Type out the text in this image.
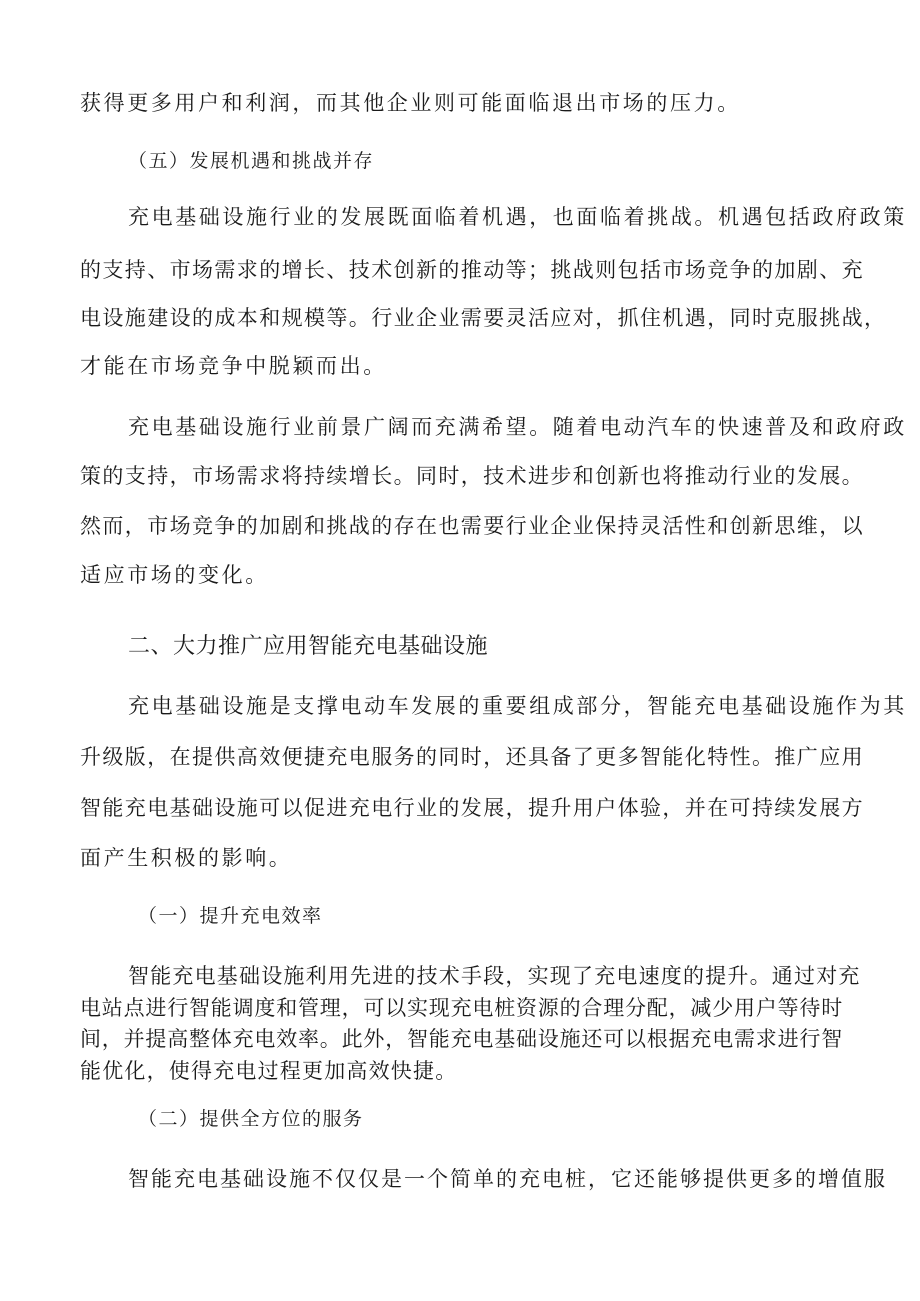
获得更多用户和利润，而其他企业则可能面临退出市场的压力。
（五）发展机遇和挑战并存
充电基础设施行业的发展既面临着机遇，也面临着挑战。机遇包括政府政策
的支持、市场需求的增长、技术创新的推动等；挑战则包括市场竞争的加剧、充
电设施建设的成本和规模等。行业企业需要灵活应对，抓住机遇，同时克服挑战，
才能在市场竞争中脱颖而出。
充电基础设施行业前景广阔而充满希望。随着电动汽车的快速普及和政府政
策的支持，市场需求将持续增长。同时，技术进步和创新也将推动行业的发展。
然而，市场竞争的加剧和挑战的存在也需要行业企业保持灵活性和创新思维，以
适应市场的变化。
二、大力推广应用智能充电基础设施
充电基础设施是支撑电动车发展的重要组成部分，智能充电基础设施作为其
升级版，在提供高效便捷充电服务的同时，还具备了更多智能化特性。推广应用
智能充电基础设施可以促进充电行业的发展，提升用户体验，并在可持续发展方
面产生积极的影响。
（一）提升充电效率
智能充电基础设施利用先进的技术手段，实现了充电速度的提升。通过对充
电站点进行智能调度和管理，可以实现充电桩资源的合理分配，减少用户等待时
间，并提高整体充电效率。此外，智能充电基础设施还可以根据充电需求进行智
能优化，使得充电过程更加高效快捷。
（二）提供全方位的服务
智能充电基础设施不仅仅是一个简单的充电桩，它还能够提供更多的增值服
